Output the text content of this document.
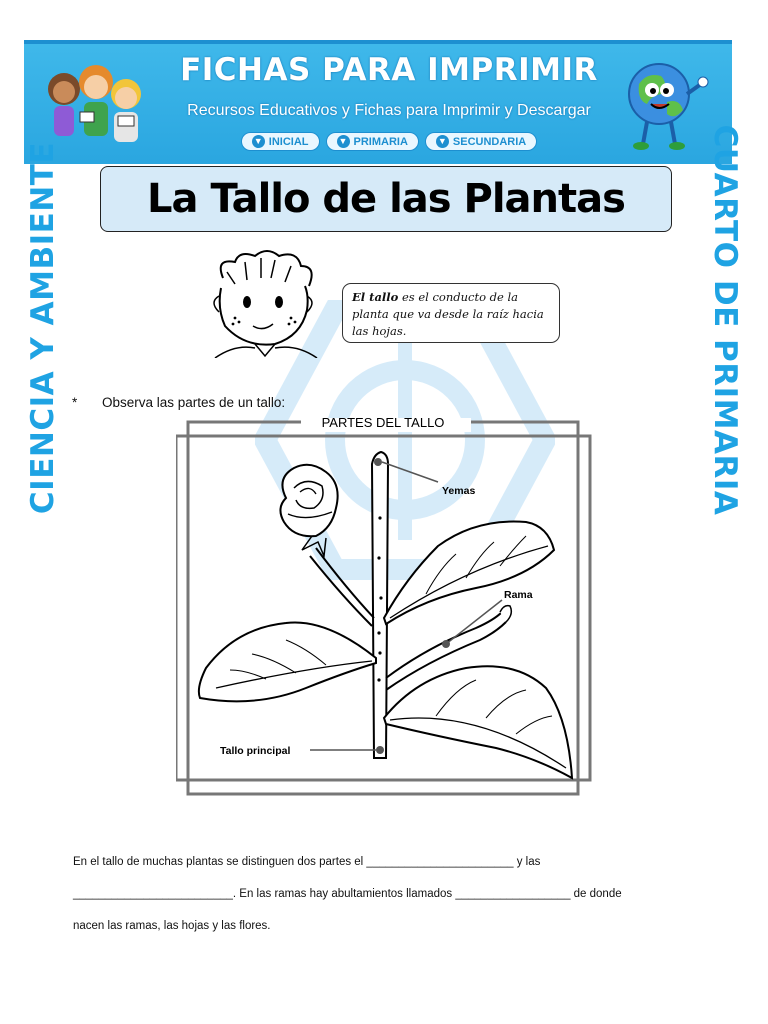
FICHAS PARA IMPRIMIR
Recursos Educativos y Fichas para Imprimir y Descargar
▼ INICIAL	▼ PRIMARIA	▼ SECUNDARIA
CIENCIA Y AMBIENTE	CUARTO DE PRIMARIA
La Tallo de las Plantas
El tallo es el conducto de la planta que va desde la raíz hacia las hojas.
* Observa las partes de un tallo:
PARTES DEL TALLO
Yemas
Rama
Tallo principal
En el tallo de muchas plantas se distinguen dos partes el _______________________ y las
_________________________. En las ramas hay abultamientos llamados __________________ de donde
nacen las ramas, las hojas y las flores.
